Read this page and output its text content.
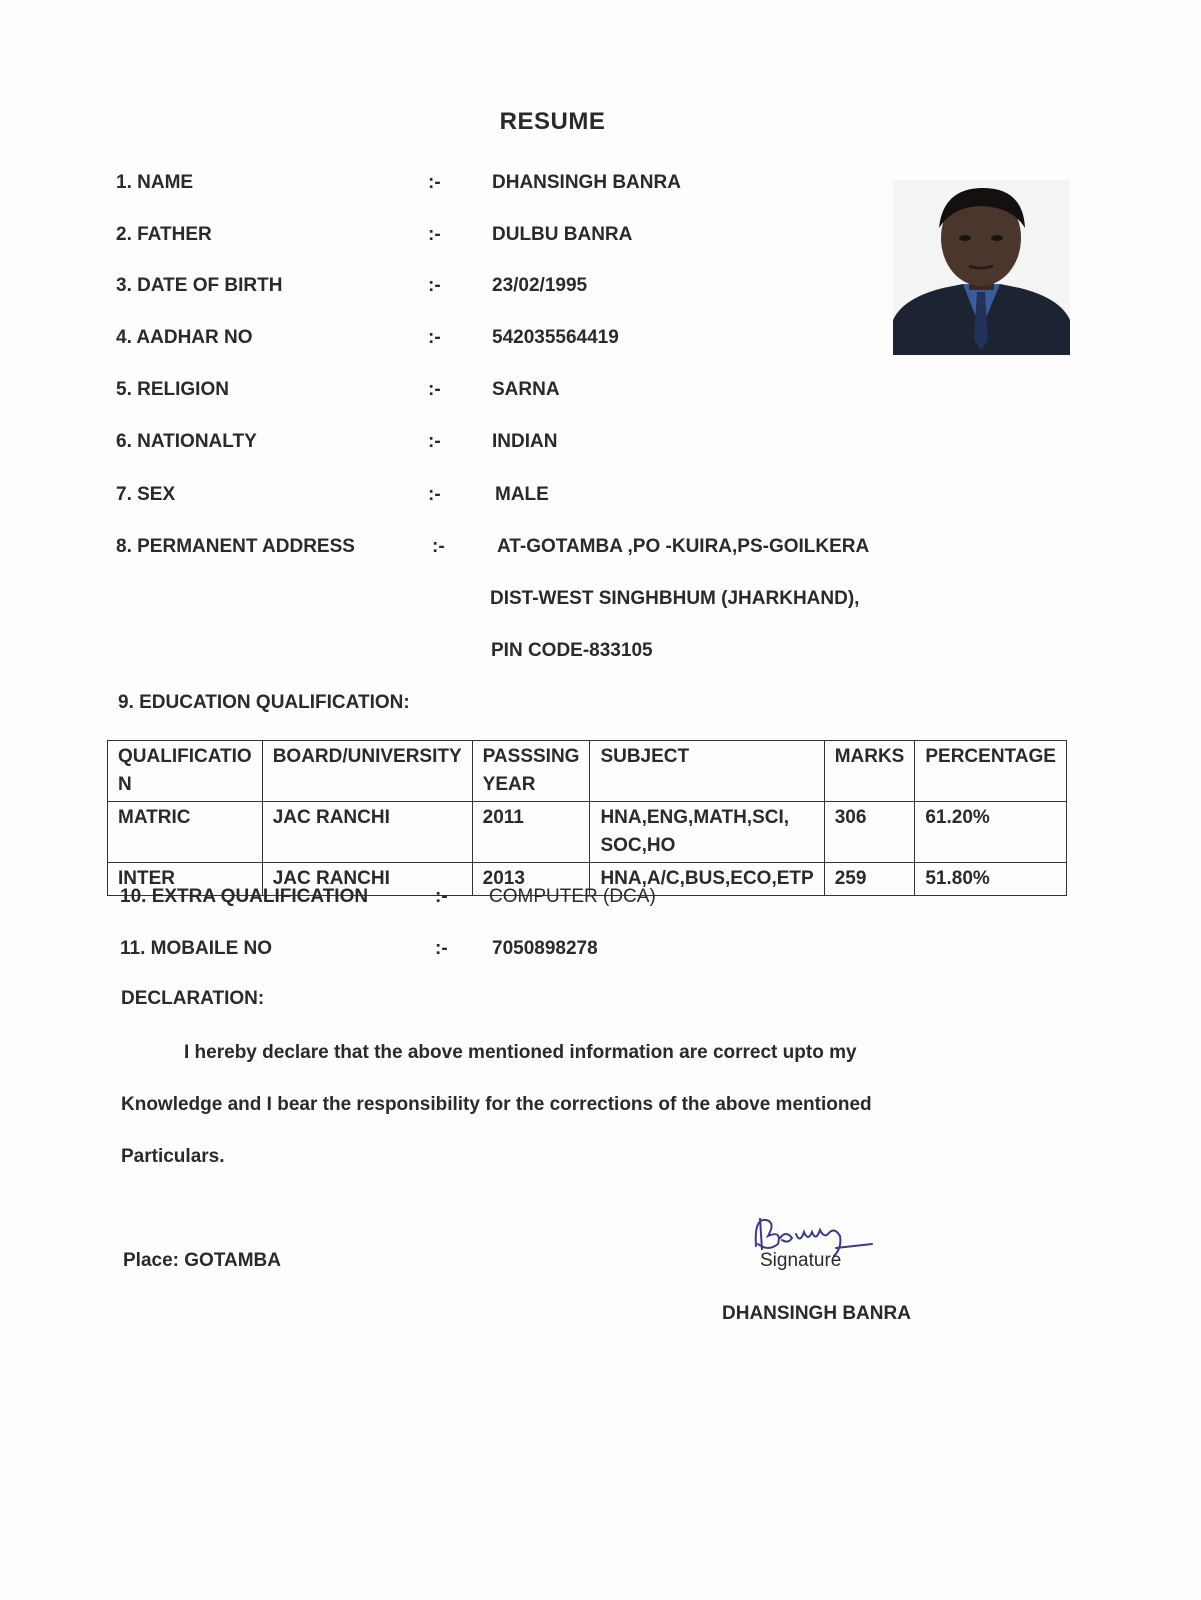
RESUME
1. NAME	:-	DHANSINGH BANRA
2. FATHER	:-	DULBU BANRA
3. DATE OF BIRTH	:-	23/02/1995
4. AADHAR NO	:-	542035564419
5. RELIGION	:-	SARNA
6. NATIONALTY	:-	INDIAN
7. SEX	:-	MALE
8. PERMANENT ADDRESS	:-	AT-GOTAMBA ,PO -KUIRA,PS-GOILKERA
DIST-WEST SINGHBHUM (JHARKHAND),
PIN CODE-833105
9. EDUCATION QUALIFICATION:
QUALIFICATIO N	BOARD/UNIVERSITY	PASSSING YEAR	SUBJECT	MARKS	PERCENTAGE
MATRIC	JAC RANCHI	2011	HNA,ENG,MATH,SCI, SOC,HO	306	61.20%
INTER	JAC RANCHI	2013	HNA,A/C,BUS,ECO,ETP	259	51.80%
10. EXTRA QUALIFICATION	:- COMPUTER (DCA)
11. MOBAILE NO	:- 7050898278
DECLARATION:
I hereby declare that the above mentioned information are correct upto my
Knowledge and I bear the responsibility for the corrections of the above mentioned
Particulars.
Place: GOTAMBA	Signature
DHANSINGH BANRA
